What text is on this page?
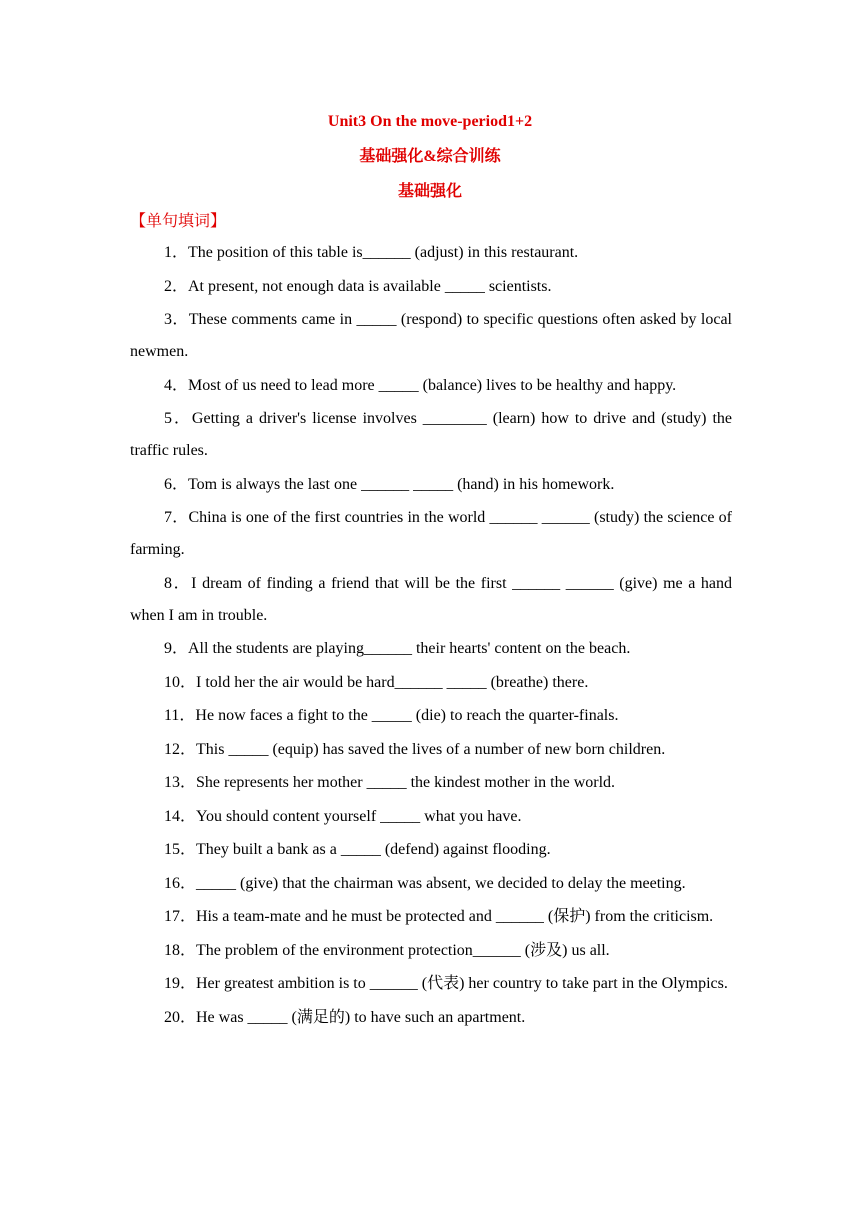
Unit3 On the move-period1+2
基础强化&综合训练
基础强化
【单句填词】

1．The position of this table is______ (adjust) in this restaurant.

2．At present, not enough data is available _____ scientists.

3．These comments came in _____ (respond) to specific questions often asked by local newmen.

4．Most of us need to lead more _____ (balance) lives to be healthy and happy.

5．Getting a driver's license involves ________ (learn) how to drive and (study) the traffic rules.

6．Tom is always the last one ______ _____ (hand) in his homework.

7．China is one of the first countries in the world ______ ______ (study) the science of farming.

8．I dream of finding a friend that will be the first ______ ______ (give) me a hand when I am in trouble.

9．All the students are playing______ their hearts' content on the beach.

10．I told her the air would be hard______ _____ (breathe) there.

11．He now faces a fight to the _____ (die) to reach the quarter-finals.

12．This _____ (equip) has saved the lives of a number of new born children.

13．She represents her mother _____ the kindest mother in the world.

14．You should content yourself _____ what you have.

15．They built a bank as a _____ (defend) against flooding.

16．_____ (give) that the chairman was absent, we decided to delay the meeting.

17．His a team-mate and he must be protected and ______ (保护) from the criticism.

18．The problem of the environment protection______ (涉及) us all.

19．Her greatest ambition is to ______ (代表) her country to take part in the Olympics.

20．He was _____ (满足的) to have such an apartment.
